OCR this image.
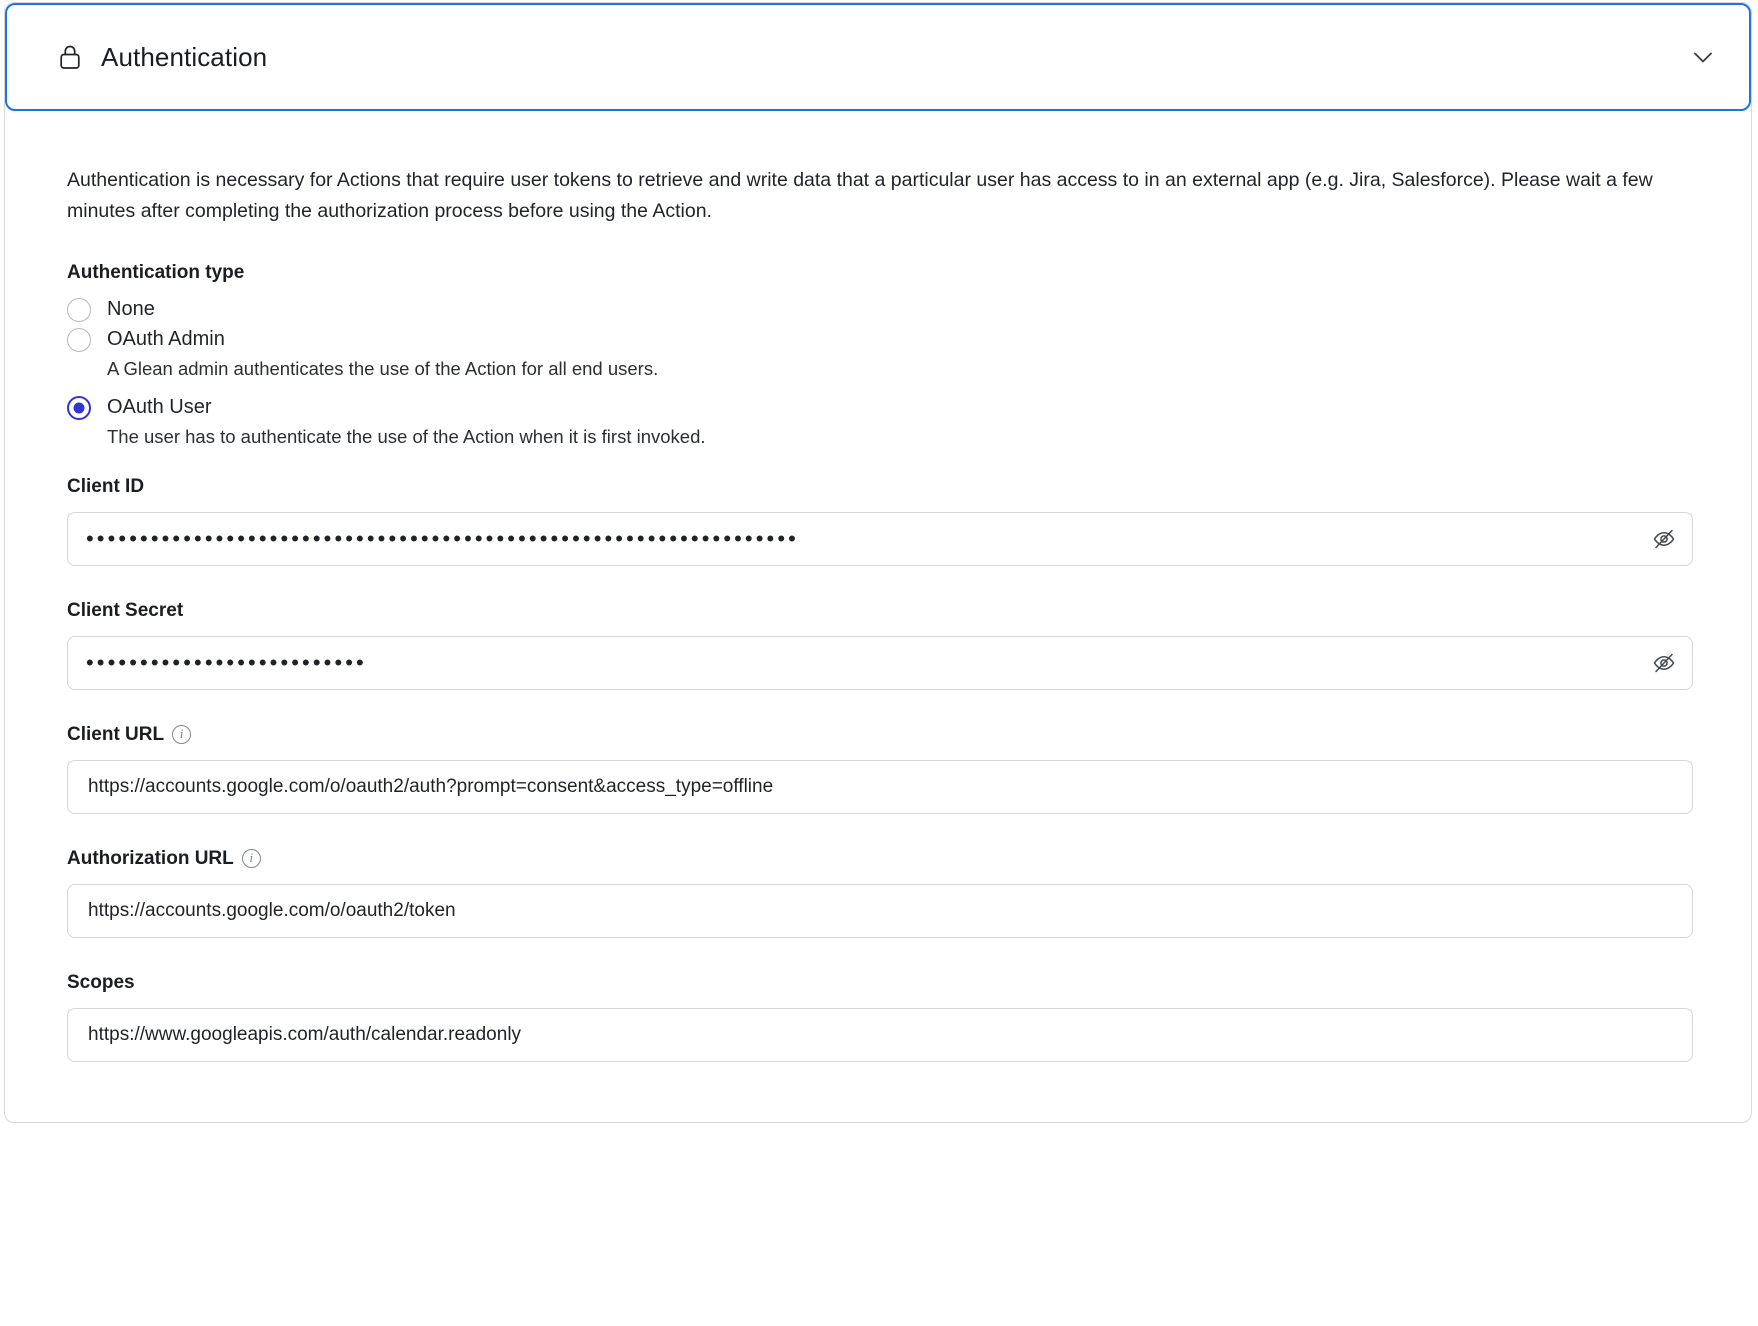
Authentication

Authentication is necessary for Actions that require user tokens to retrieve and write data that a particular user has access to in an external app (e.g. Jira, Salesforce). Please wait a few minutes after completing the authorization process before using the Action.

Authentication type
None
OAuth Admin
A Glean admin authenticates the use of the Action for all end users.
OAuth User
The user has to authenticate the use of the Action when it is first invoked.
Client ID
••••••••••••••••••••••••••••••••••••••••••••••••••••••••••••••••••
Client Secret
••••••••••••••••••••••••••
Client URL	i
https://accounts.google.com/o/oauth2/auth?prompt=consent&access_type=offline
Authorization URL	i
https://accounts.google.com/o/oauth2/token
Scopes
https://www.googleapis.com/auth/calendar.readonly
